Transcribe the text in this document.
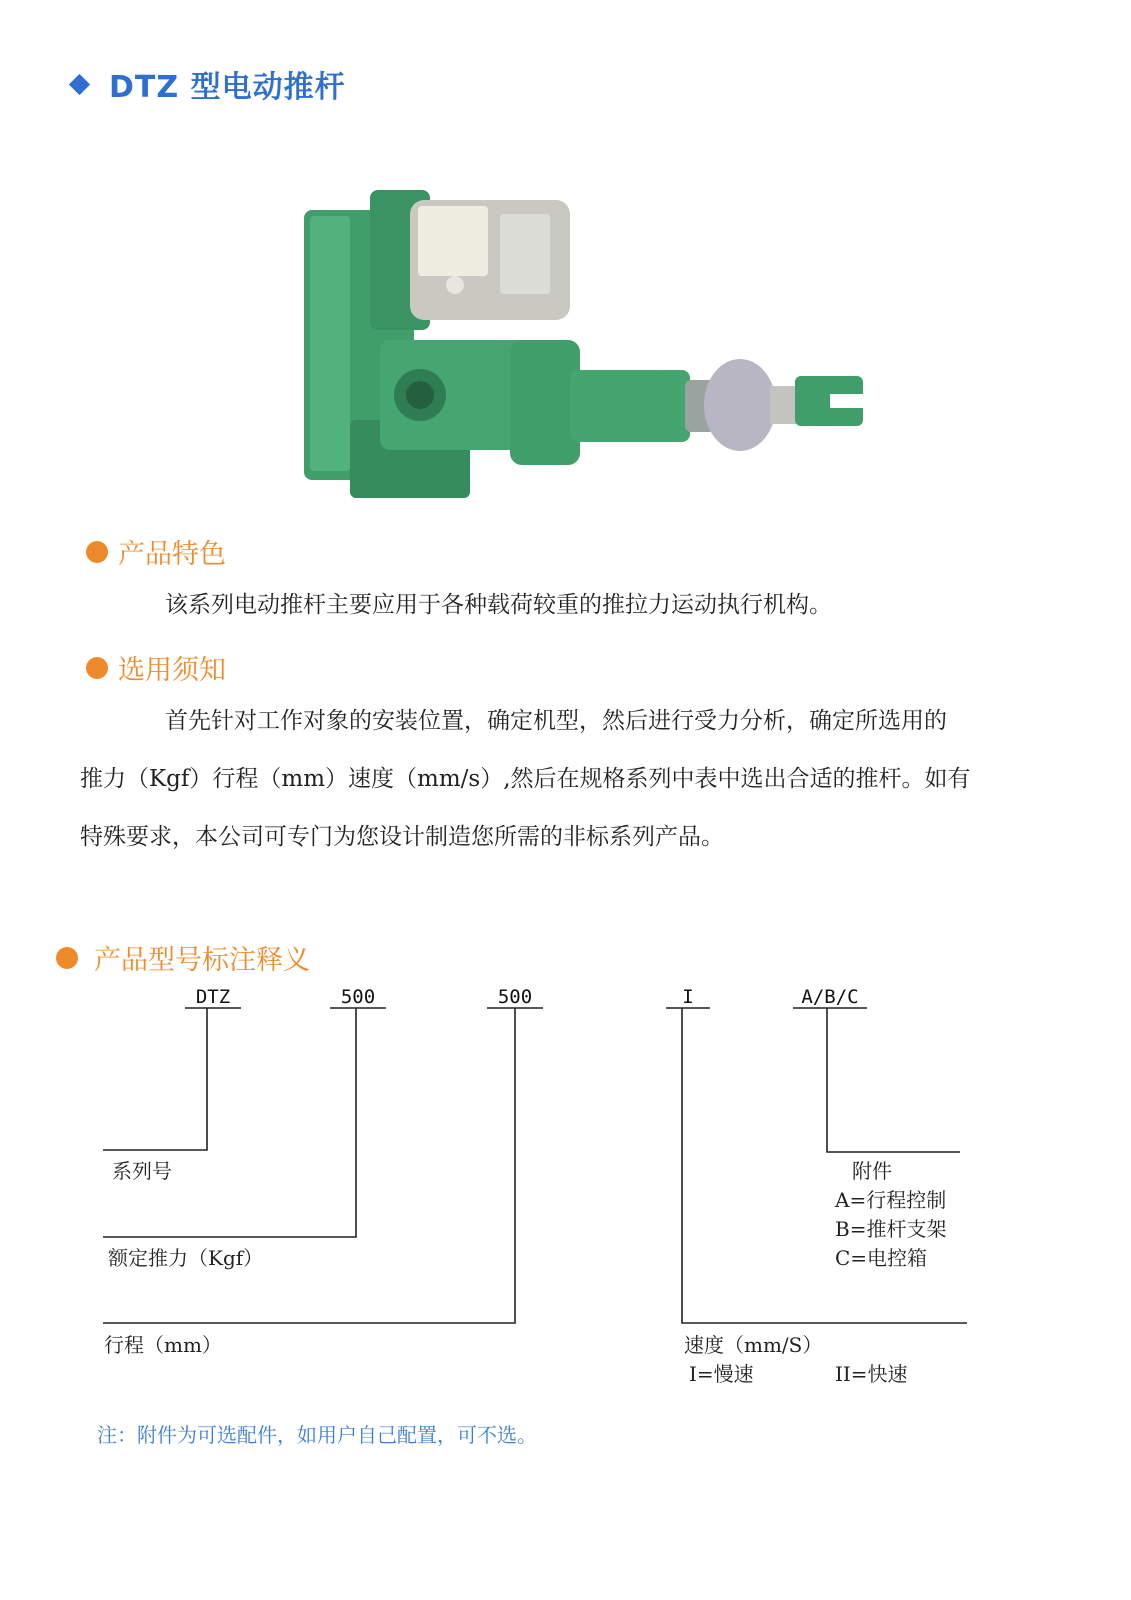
DTZ 型电动推杆
产品特色
该系列电动推杆主要应用于各种载荷较重的推拉力运动执行机构。
选用须知
首先针对工作对象的安装位置，确定机型，然后进行受力分析，确定所选用的
推力（Kgf）行程（mm）速度（mm/s）,然后在规格系列中表中选出合适的推杆。如有
特殊要求，本公司可专门为您设计制造您所需的非标系列产品。
产品型号标注释义
DTZ	500	500	I	A/B/C
系列号
额定推力（Kgf）
行程（mm）	速度（mm/S）
I=慢速	II=快速
附件
A=行程控制
B=推杆支架
C=电控箱
注：附件为可选配件，如用户自己配置，可不选。
